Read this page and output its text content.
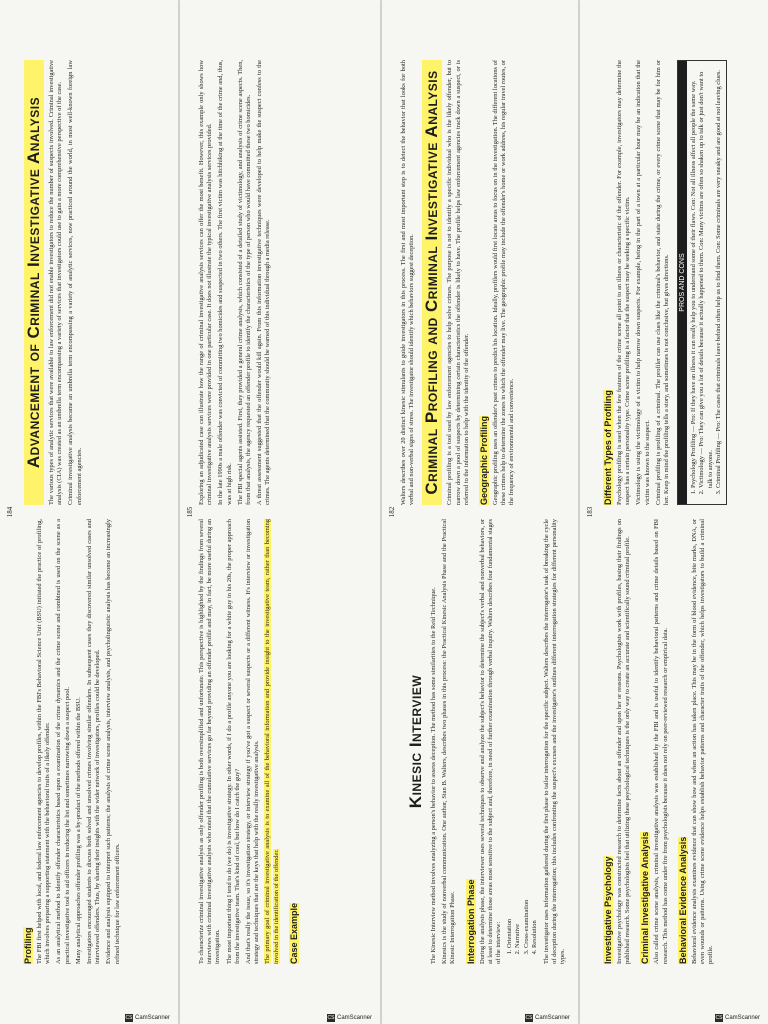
184
Profiling The FBI first helped with local, and federal law enforcement agencies to develop profiles, within the FBI's Behavioral Science Unit (BSU) initiated the practice of profiling, which involves preparing a supporting statement with the behavioral traits of a likely offender. As an analytical method to identify offender characteristics based upon a examination of the crime dynamics and the crime scene and combined is used on the scene as a practical investigative tool to aid officers in reducing the list and sometimes narrowing down a suspect pool. Many analytical approaches offender profiling was a by-product of the methods offered within the BSU. Investigators encouraged students to discuss both solved and unsolved crimes involving similar offenders. In subsequent cases they discovered similar unsolved cases and interviewed offenders. Thus, by sharing their insights with the wider network of investigators, profiles could be developed. Evidence and analysis equipped to interpret such patterns; the analysis of crime scene analysis, interview analysis, and psycholinguistic analysis has become an increasingly refined technique for law enforcement officers.

Advancement of Criminal Investigative Analysis The various types of analytic services that were available to law enforcement did not enable investigators to reduce the number of suspects involved. Criminal investigative analysis (CIA) was created as an umbrella term encompassing a variety of services that investigators could use to gain a more comprehensive perspective of the case. Criminal investigative analysis became an umbrella term encompassing a variety of analytic services, now practiced around the world, in most well-known foreign law enforcement agencies.

CS CamScanner
185

To characterize criminal investigative analysis as only offender profiling is both oversimplified and unfortunate. This perspective is highlighted by the findings from several interviews with criminal investigative analysts who noted that the cumulative services go far beyond providing an offender profile and may, in fact, be more useful during an investigation. The most important thing I tend to do (we do) is investigative strategy. In other words, if I do a profile anyone you are looking for a white guy in his 20s, the proper approach from the investigative team. That's kind of cool, but how do I catch the guy? And that's really the issue, so it's investigation strategy, or interview strategy if you've got a suspect or several suspects or a different witness. It's interview or investigation strategy and techniques that are the keys that help with the really investigative analysis. The primary goal of criminal investigative analysis is to examine all of the behavioral information and provide insight to the investigative team, rather than becoming involved in the identification of the offender. Case Example

Exploring an adjudicated case can illustrate how the range of criminal investigative analysis services can offer the most benefit. However, this example only shows how criminal investigative analysis services were provided in one particular case. It does not illustrate the typical investigative analysis services provided. In the late 1990s a male offender was convicted of committing two homicides and suspected in two others. The first victim was hitchhiking at the time of the crime and, thus, was at high risk. The FBI special agents assisted. First, they provided a general crime analysis, which consisted of a detailed study of victimology, and analysis of crime scene aspects. Then, from that analysis, the agency requested an offender profile to identify the characteristics of the type of person who would have committed these two homicides. A threat assessment suggested that the offender would kill again. From this information investigative techniques were developed to help make the suspect confess to the crimes. The agents determined that the community should be warned of this individual through a media release.

CS CamScanner
182
Kinesic Interview The Kinesic Interview method involves analyzing a person's behavior to assess deception. The method has some similarities to the Reid Technique. Kinesics is the study of nonverbal communication. One author, Stan B. Walters, describes two phases in this process: the Practical Kinesic Analysis Phase and the Practical Kinesic Interrogation Phase. Interrogation Phase During the analysis phase, the interviewer uses several techniques to observe and analyze the subject's behavior to determine the subject's verbal and nonverbal behaviors, or at least to determine those areas most sensitive to the subject and, therefore, in need of further examination through verbal inquiry. Walters describes four fundamental stages of the interview: 1. Orientation 2. Narrative 3. Cross-examination 4. Resolution The investigator uses information gathered during the first phase to tailor interrogation for the specific subject. Walters describes the interrogator's task of breaking the cycle of deception during the interrogation; this includes confronting the suspect's excuses and the investigator's outlines different interrogation strategies for different personality types.

Walters describes over 20 distinct kinesic stimulants to guide investigators in this process. The first and most important step is to detect the behavior that looks for both verbal and non-verbal signs of stress. The investigator should identify which behaviors suggest deception. Criminal Profiling and Criminal Investigative Analysis Criminal profiling is a tool used by law enforcement agencies to help solve crimes. The purpose is not to identify a specific individual who is the likely offender, but to narrow down a pool of suspects by determining certain characteristics the offender is likely to have. The profile helps law enforcement agencies track down a suspect, or is referred to the information to help with the identity of the offender. Geographic Profiling Geographic profiling uses an offender's past crimes to predict his location. Ideally, profilers would first locate areas to focus on in the investigation. The different locations of these crimes help to determine the zones in which the offender may live. The geographic profile may include the offender's home or work address, his regular travel routes, or the frequency of environmental and convenience.

CS CamScanner
183
Investigative Psychology Investigative psychology was constructed research to determine facts about an offender and upon her or reasons. Psychologists work with profiles, basing their findings on published research. Some psychologists feel that utilizing these psychological techniques is the only way to create an accurate and scientifically sound criminal profile. Criminal Investigative Analysis Also called crime scene analysis, criminal investigative analysis was established by the FBI and is useful to identify behavioral patterns and crime details based on FBI research. This method has come under fire from psychologists because it does not rely on peer-reviewed research or empirical data. Behavioral Evidence Analysis Behavioral evidence analysis examines evidence that can show how and when an action has taken place. This may be in the form of blood evidence, bite marks, DNA, or even wounds or patterns. Using crime scene evidence helps establish behavior patterns and character traits of the offender, which helps investigators to build a criminal profile.

Different Types of Profiling Psychology profiling is used when the few features of the crime scene all point to an illness or characteristic of the offender. For example, investigators may determine the suspect has a certain personality type. Crime scene profiling is a factor that the suspect may be seeking a specific victim. Victimology is using the victimology of a victim to help narrow down suspects. For example, being in the part of a town at a particular hour may be an indication that the victim was known to the suspect. Criminal profiling is profiling of a criminal. The profiler can use clues like the criminal's behavior, and state during the crime, or every crime scene that may be for him or her. Keep in mind the profiling tells a story, and sometimes is not conclusive, but gives directions. PROS AND CONS 1. Psychology Profiling — Pro: If they have an illness it can really help you to understand some of their flaws. Con: Not all illness affect all people the same way. 2. Victimology — Pro: They can give you a lot of details because it actually happened to them. Con: Many victims are often so shaken up to talk or just don't want to talk to anyone. 3. Criminal Profiling — Pro: The cases that criminals leave behind often help us to find them. Con: Some criminals are very sneaky and are good at not leaving clues.
CS CamScanner
